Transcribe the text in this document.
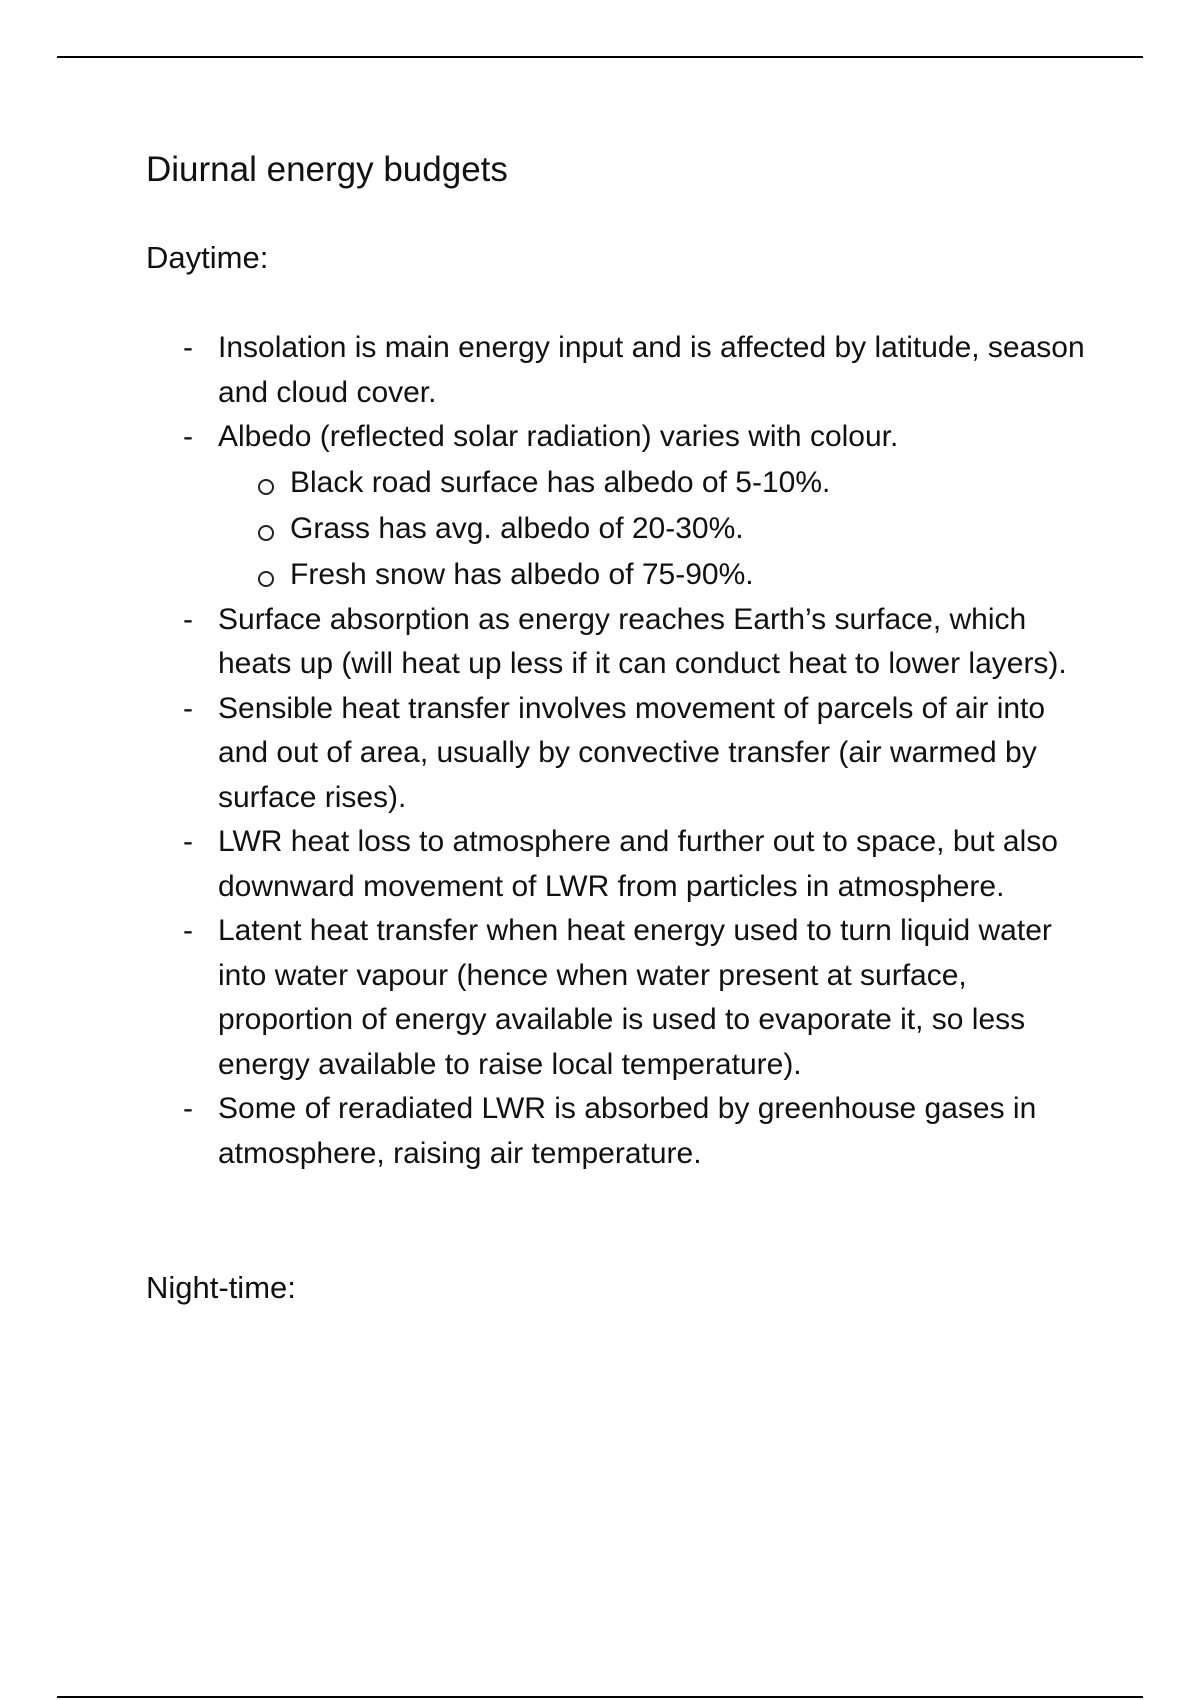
Diurnal energy budgets
Daytime:
- Insolation is main energy input and is affected by latitude, season and cloud cover.
- Albedo (reflected solar radiation) varies with colour.
Black road surface has albedo of 5-10%.
Grass has avg. albedo of 20-30%.
Fresh snow has albedo of 75-90%.
- Surface absorption as energy reaches Earth’s surface, which heats up (will heat up less if it can conduct heat to lower layers).
- Sensible heat transfer involves movement of parcels of air into and out of area, usually by convective transfer (air warmed by surface rises).
- LWR heat loss to atmosphere and further out to space, but also downward movement of LWR from particles in atmosphere.
- Latent heat transfer when heat energy used to turn liquid water into water vapour (hence when water present at surface, proportion of energy available is used to evaporate it, so less energy available to raise local temperature).
- Some of reradiated LWR is absorbed by greenhouse gases in atmosphere, raising air temperature.
Night-time:
